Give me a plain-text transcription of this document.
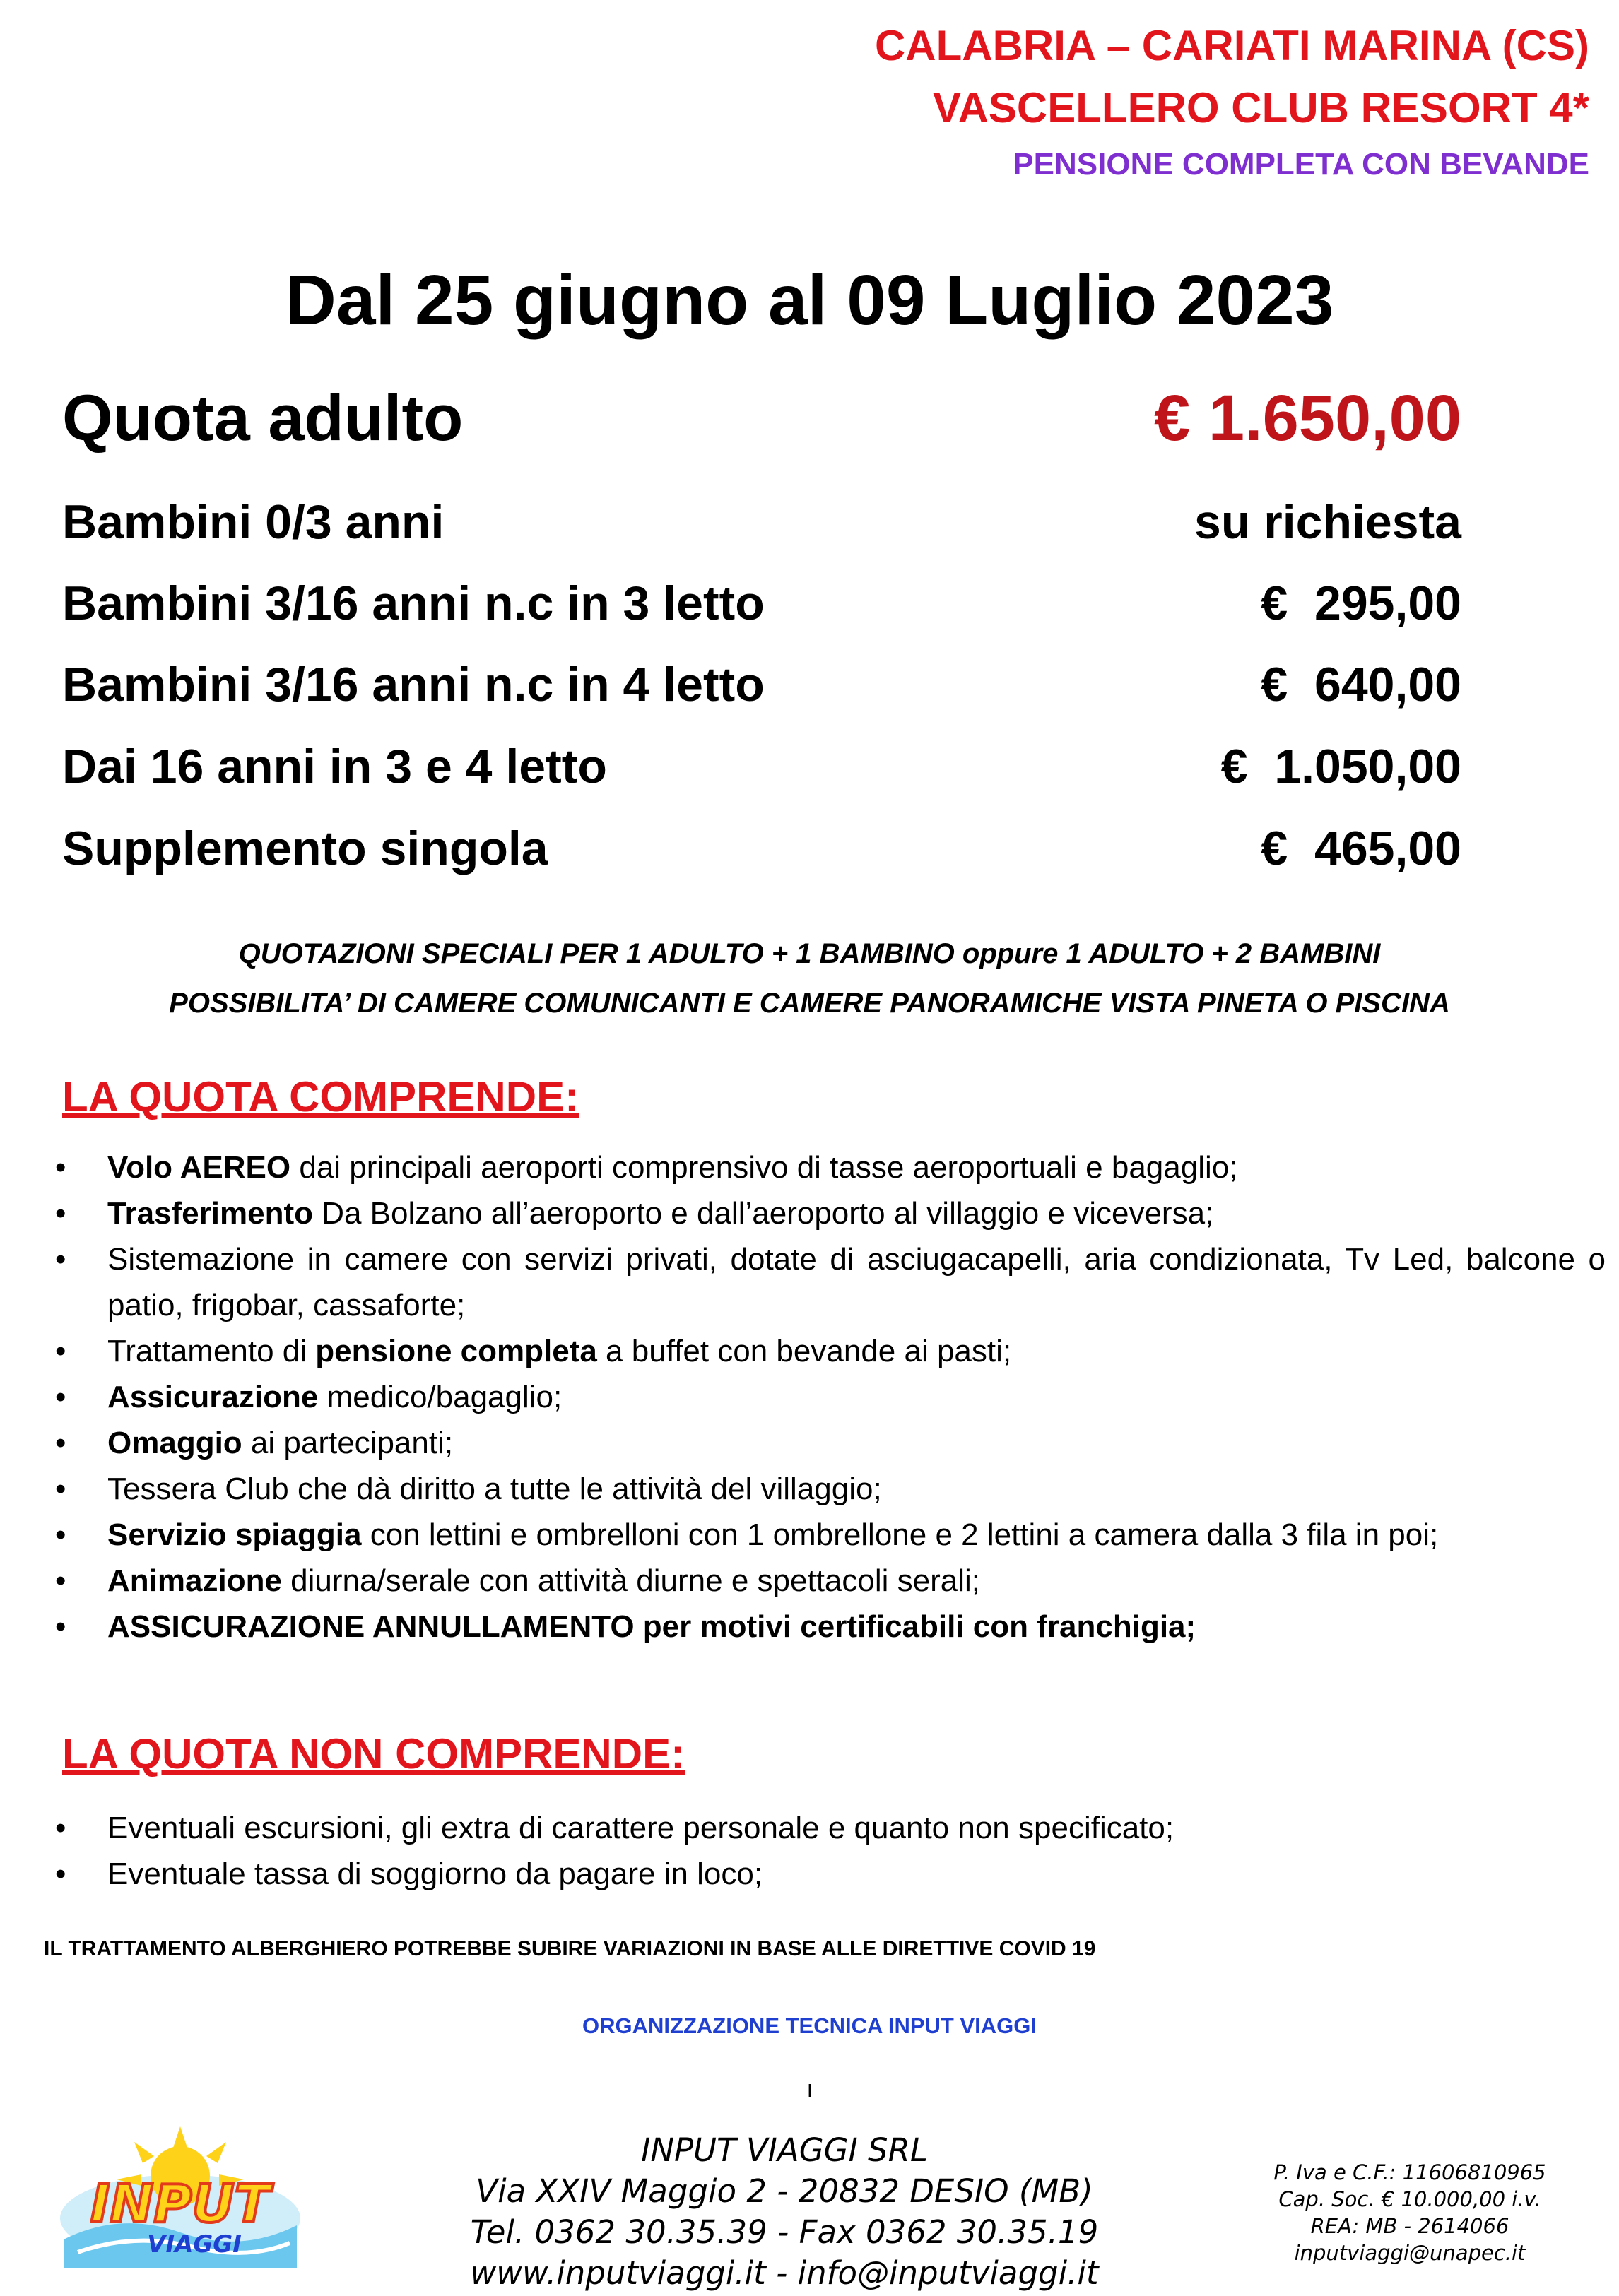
CALABRIA – CARIATI MARINA (CS)
VASCELLERO CLUB RESORT 4*
PENSIONE COMPLETA CON BEVANDE
Dal 25 giugno al 09 Luglio 2023
Quota adulto	€ 1.650,00
Bambini 0/3 anni	su richiesta
Bambini 3/16 anni n.c in 3 letto	€  295,00
Bambini 3/16 anni n.c in 4 letto	€  640,00
Dai 16 anni in 3 e 4 letto	€  1.050,00
Supplemento singola	€  465,00
QUOTAZIONI SPECIALI PER 1 ADULTO + 1 BAMBINO oppure 1 ADULTO + 2 BAMBINI
POSSIBILITA’ DI CAMERE COMUNICANTI E CAMERE PANORAMICHE VISTA PINETA O PISCINA
LA QUOTA COMPRENDE:
• Volo AEREO dai principali aeroporti comprensivo di tasse aeroportuali e bagaglio;
• Trasferimento Da Bolzano all’aeroporto e dall’aeroporto al villaggio e viceversa;
• Sistemazione in camere con servizi privati, dotate di asciugacapelli, aria condizionata, Tv Led, balcone o patio, frigobar, cassaforte;
• Trattamento di pensione completa a buffet con bevande ai pasti;
• Assicurazione medico/bagaglio;
• Omaggio ai partecipanti;
• Tessera Club che dà diritto a tutte le attività del villaggio;
• Servizio spiaggia con lettini e ombrelloni con 1 ombrellone e 2 lettini a camera dalla 3 fila in poi;
• Animazione diurna/serale con attività diurne e spettacoli serali;
• ASSICURAZIONE ANNULLAMENTO per motivi certificabili con franchigia;
LA QUOTA NON COMPRENDE:
• Eventuali escursioni, gli extra di carattere personale e quanto non specificato;
• Eventuale tassa di soggiorno da pagare in loco;
IL TRATTAMENTO ALBERGHIERO POTREBBE SUBIRE VARIAZIONI IN BASE ALLE DIRETTIVE COVID 19
ORGANIZZAZIONE TECNICA INPUT VIAGGI
I
INPUT
VIAGGI
INPUT VIAGGI SRL
Via XXIV Maggio 2 - 20832 DESIO (MB)
Tel. 0362 30.35.39 - Fax 0362 30.35.19
www.inputviaggi.it - info@inputviaggi.it
P. Iva e C.F.: 11606810965
Cap. Soc. € 10.000,00 i.v.
REA: MB - 2614066
inputviaggi@unapec.it
